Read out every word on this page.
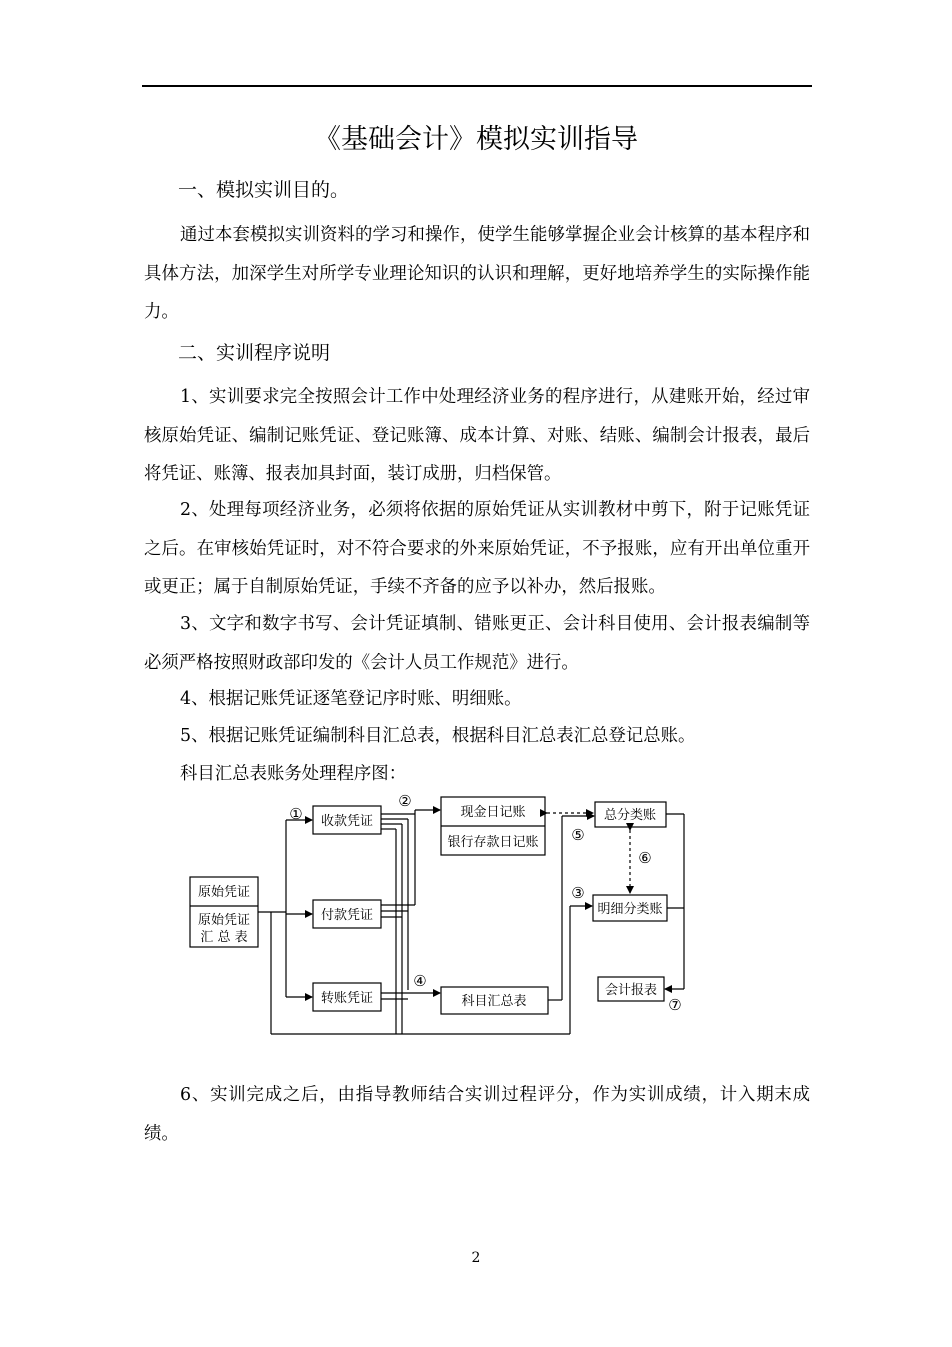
《基础会计》模拟实训指导
一、模拟实训目的。

通过本套模拟实训资料的学习和操作，使学生能够掌握企业会计核算的基本程序和具体方法，加深学生对所学专业理论知识的认识和理解，更好地培养学生的实际操作能力。

二、实训程序说明

1、实训要求完全按照会计工作中处理经济业务的程序进行，从建账开始，经过审核原始凭证、编制记账凭证、登记账簿、成本计算、对账、结账、编制会计报表，最后将凭证、账簿、报表加具封面，装订成册，归档保管。

2、处理每项经济业务，必须将依据的原始凭证从实训教材中剪下，附于记账凭证之后。在审核始凭证时，对不符合要求的外来原始凭证，不予报账，应有开出单位重开或更正；属于自制原始凭证，手续不齐备的应予以补办，然后报账。

3、文字和数字书写、会计凭证填制、错账更正、会计科目使用、会计报表编制等必须严格按照财政部印发的《会计人员工作规范》进行。

4、根据记账凭证逐笔登记序时账、明细账。

5、根据记账凭证编制科目汇总表，根据科目汇总表汇总登记总账。

科目汇总表账务处理程序图：

原始凭证
原始凭证
汇 总 表
收款凭证
付款凭证
转账凭证
现金日记账
银行存款日记账
科目汇总表
总分类账
明细分类账
会计报表
①
②
③
④
⑤
⑥
⑦

6、实训完成之后，由指导教师结合实训过程评分，作为实训成绩，计入期末成绩。

2
